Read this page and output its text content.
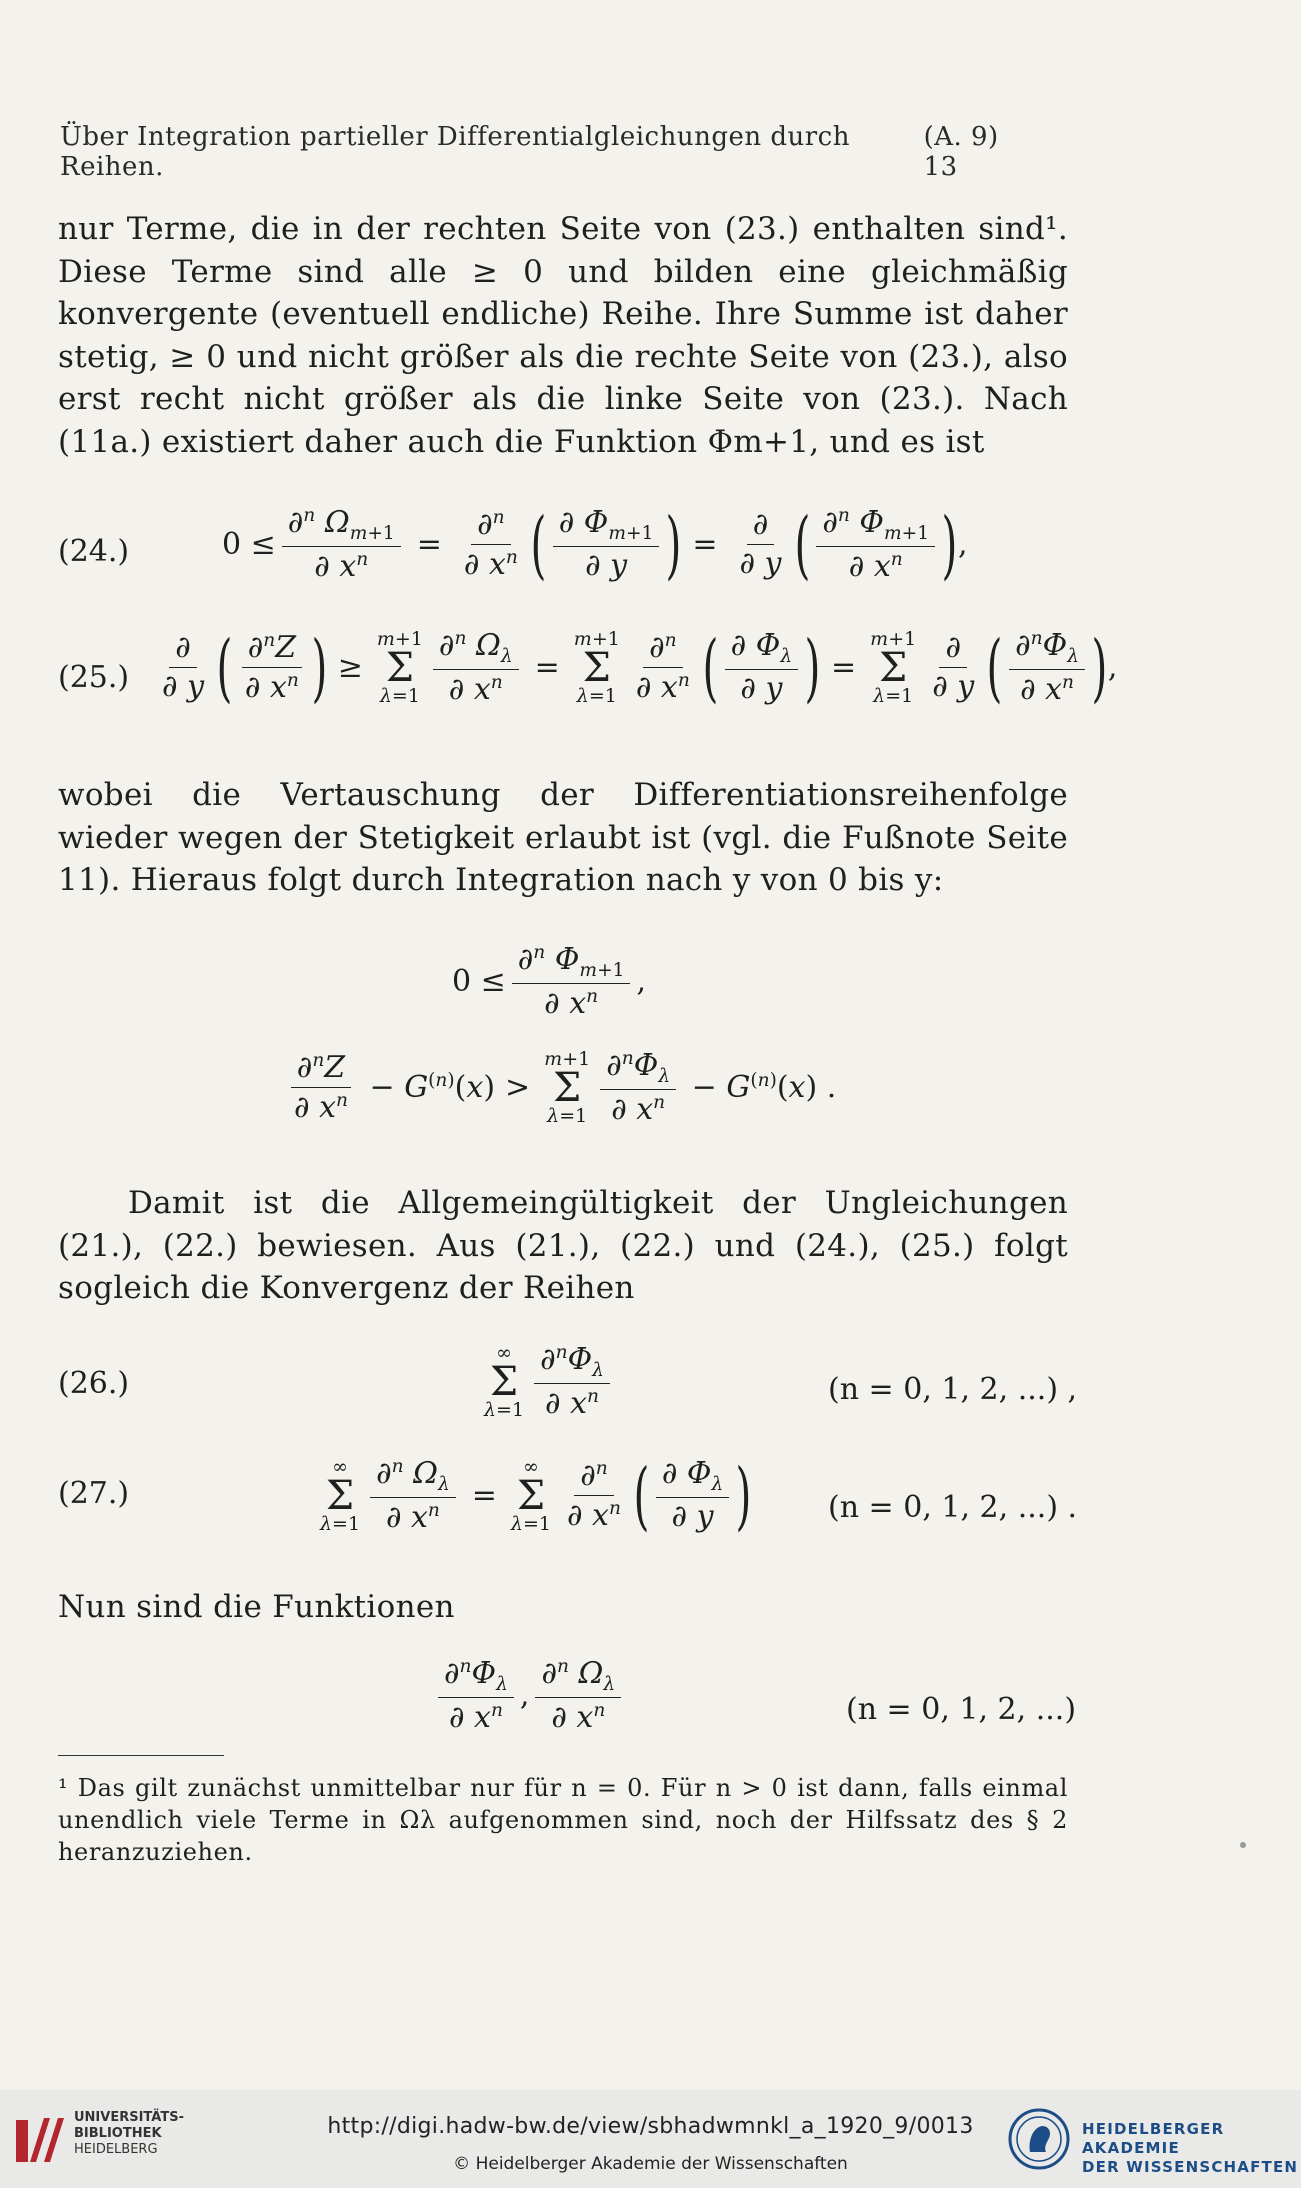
Über Integration partieller Differentialgleichungen durch Reihen.
(A. 9)     13

nur Terme, die in der rechten Seite von (23.) enthalten sind¹. Diese Terme sind alle ≥ 0 und bilden eine gleichmäßig konvergente (eventuell endliche) Reihe. Ihre Summe ist daher stetig, ≥ 0 und nicht größer als die rechte Seite von (23.), also erst recht nicht größer als die linke Seite von (23.). Nach (11a.) existiert daher auch die Funktion Φm+1, und es ist

(24.)	$0 \le \frac{\partial^n \Omega_{m+1}}{\partial x^n} = \frac{\partial^n}{\partial x^n}$ ( $\frac{\partial \Phi_{m+1}}{\partial y}$ ) = $\frac{\partial}{\partial y}$ ( $\frac{\partial^n \Phi_{m+1}}{\partial x^n}$ ) ,
$(25.) \frac{\partial}{\partial y}$ ( $\frac{\partial^nZ}{\partial x^n}$ ) ≥
m+1
Σ
$\lambda=1 \frac{\partial^n \Omega_\lambda}{\partial x^n}$ =
m+1
Σ
$\lambda=1 \frac{\partial^n}{\partial x^n}$ ( $\frac{\partial \Phi_\lambda}{\partial y}$ ) =
m+1
Σ
$\lambda=1 \frac{\partial}{\partial y}$ ( $\frac{\partial^n\Phi_\lambda}{\partial x^n}$ ) ,

wobei die Vertauschung der Differentiationsreihenfolge wieder wegen der Stetigkeit erlaubt ist (vgl. die Fußnote Seite 11). Hieraus folgt durch Integration nach y von 0 bis y:

$0 \le \frac{\partial^n \Phi_{m+1}}{\partial x^n}$ ,
$\frac{\partial^nZ}{\partial x^n} - G^{(n)}(x)$ >
m+1
Σ
$\lambda=1 \frac{\partial^n\Phi_\lambda}{\partial x^n} - G^{(n)}(x)$ .

Damit ist die Allgemeingültigkeit der Ungleichungen (21.), (22.) bewiesen. Aus (21.), (22.) und (24.), (25.) folgt sogleich die Konvergenz der Reihen

(26.)
∞
Σ
$\lambda=1 \frac{\partial^n\Phi_\lambda}{\partial x^n}$	(n = 0, 1, 2, ...) ,
(27.)
∞
Σ
$\lambda=1 \frac{\partial^n \Omega_\lambda}{\partial x^n}$ =
∞
Σ
$\lambda=1 \frac{\partial^n}{\partial x^n}$ ( $\frac{\partial \Phi_\lambda}{\partial y}$ )	(n = 0, 1, 2, ...) .

Nun sind die Funktionen

$\frac{\partial^n\Phi_\lambda}{\partial x^n}$ , $\frac{\partial^n \Omega_\lambda}{\partial x^n}$	(n = 0, 1, 2, ...)

¹ Das gilt zunächst unmittelbar nur für n = 0. Für n > 0 ist dann, falls einmal unendlich viele Terme in Ωλ aufgenommen sind, noch der Hilfssatz des § 2 heranzuziehen.

UNIVERSITÄTS-
BIBLIOTHEK
HEIDELBERG
http://digi.hadw-bw.de/view/sbhadwmnkl_a_1920_9/0013
© Heidelberger Akademie der Wissenschaften
HEIDELBERGER AKADEMIE
DER WISSENSCHAFTEN
